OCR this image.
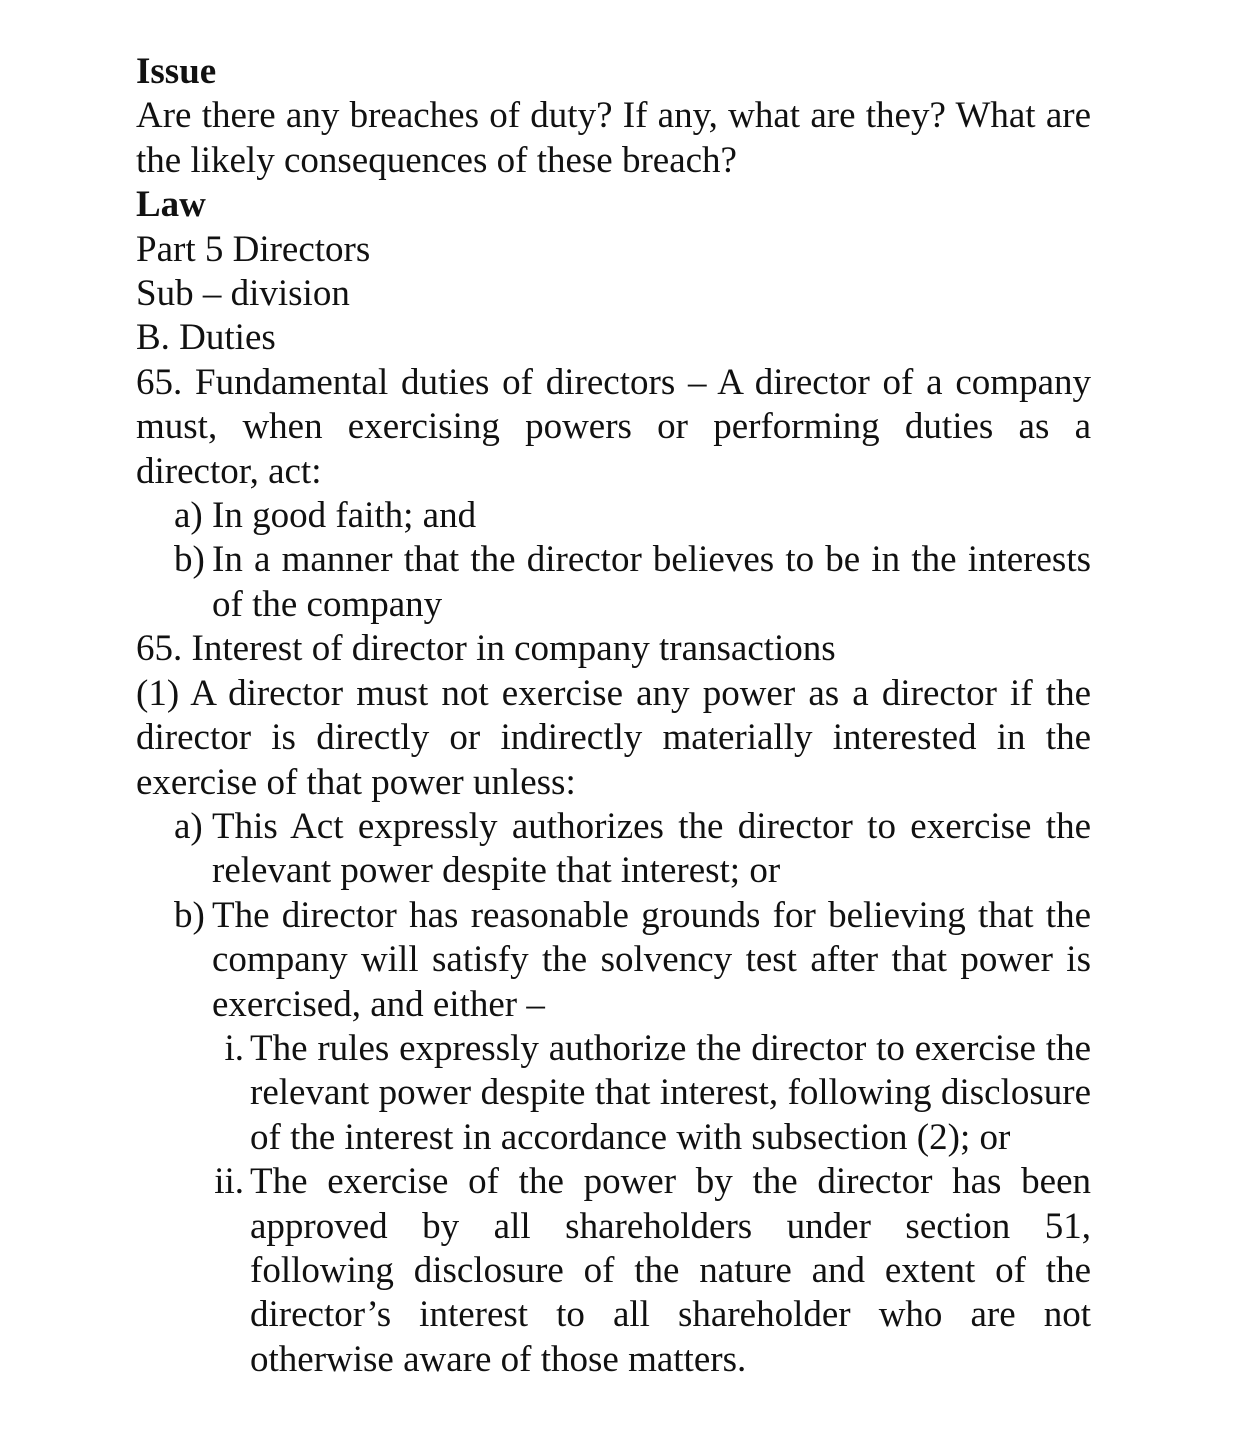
Issue

Are there any breaches of duty? If any, what are they? What are the likely consequences of these breach?

Law

Part 5 Directors

Sub – division

B. Duties

65. Fundamental duties of directors – A director of a company must, when exercising powers or performing duties as a director, act:

a) In good faith; and
b) In a manner that the director believes to be in the interests of the company

65. Interest of director in company transactions

(1) A director must not exercise any power as a director if the director is directly or indirectly materially interested in the exercise of that power unless:

a) This Act expressly authorizes the director to exercise the relevant power despite that interest; or
b) The director has reasonable grounds for believing that the company will satisfy the solvency test after that power is exercised, and either –
i. The rules expressly authorize the director to exercise the relevant power despite that interest, following disclosure of the interest in accordance with subsection (2); or
ii. The exercise of the power by the director has been approved by all shareholders under section 51, following disclosure of the nature and extent of the director’s interest to all shareholder who are not otherwise aware of those matters.
